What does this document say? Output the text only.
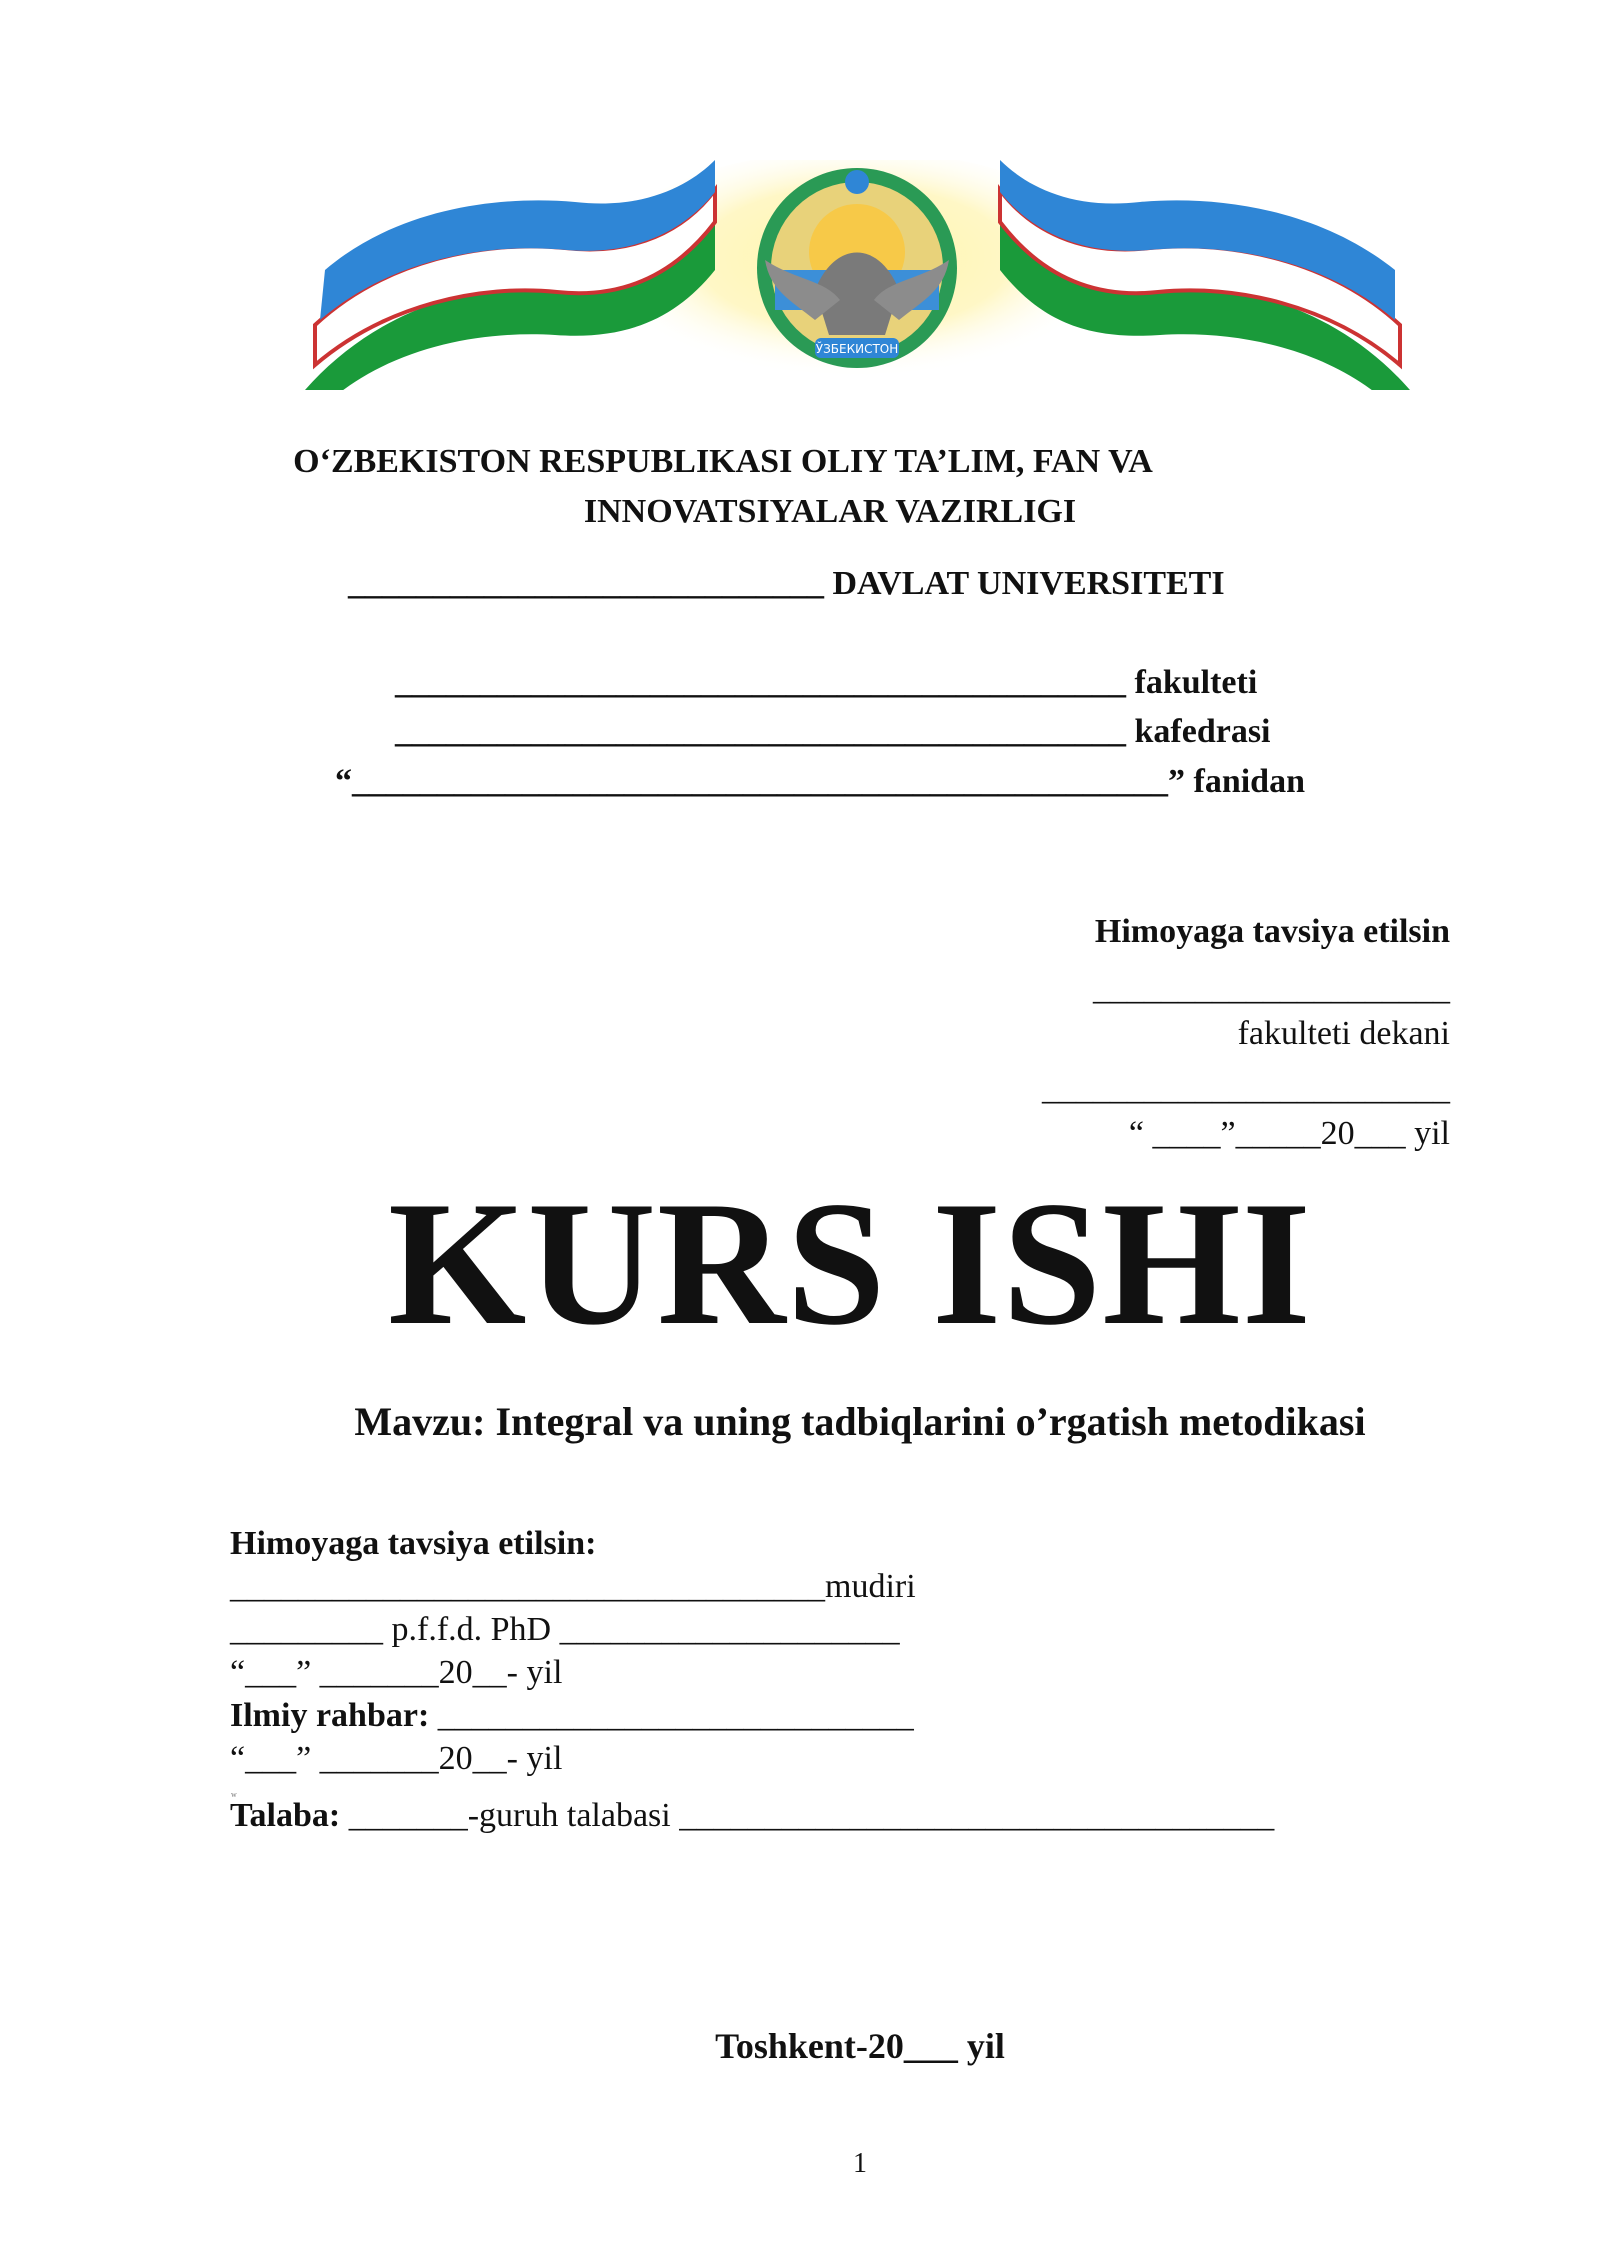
ЎЗБЕКИСТОН
O‘ZBEKISTON RESPUBLIKASI OLIY TA’LIM, FAN VA
INNOVATSIYALAR VAZIRLIGI
____________________________ DAVLAT UNIVERSITETI
___________________________________________ fakulteti
___________________________________________ kafedrasi
“________________________________________________” fanidan
Himoyaga tavsiya etilsin
_____________________
fakulteti dekani
________________________
“ ____”_____20___ yil
KURS ISHI
Mavzu: Integral va uning tadbiqlarini o’rgatish metodikasi
Himoyaga tavsiya etilsin:
___________________________________mudiri
_________ p.f.f.d. PhD ____________________
“___” _______20__- yil
Ilmiy rahbar: ____________________________
“___” _______20__- yil
w
Talaba: _______-guruh talabasi ___________________________________
Toshkent-20___ yil
1
